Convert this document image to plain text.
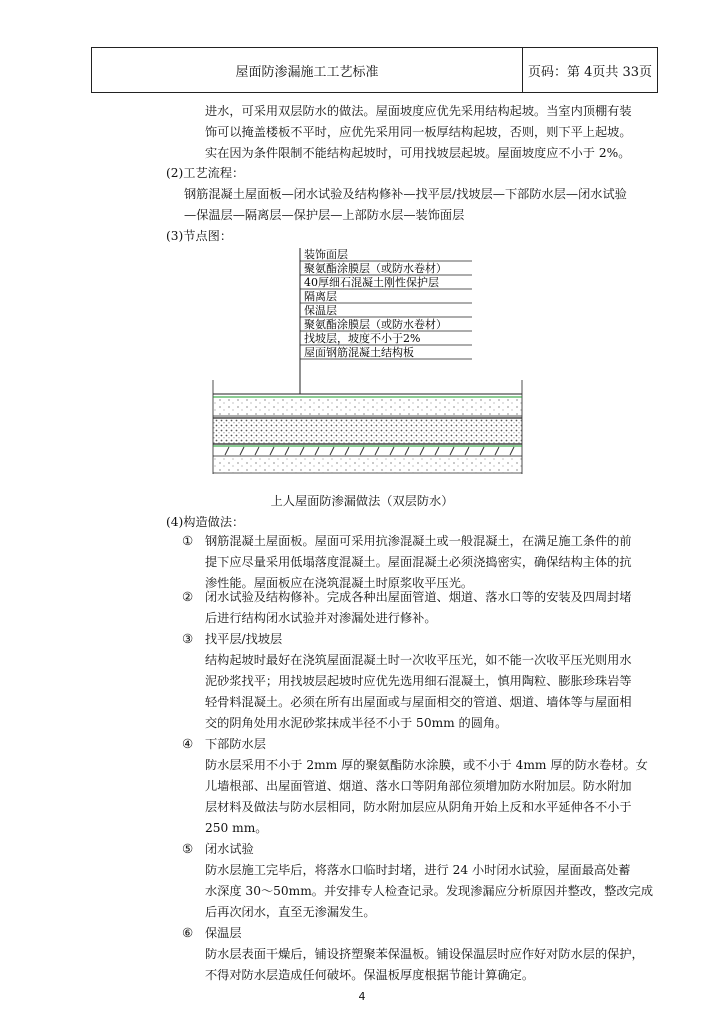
屋面防渗漏施工工艺标准	页码：第 4页共 33页
进水，可采用双层防水的做法。屋面坡度应优先采用结构起坡。当室内顶棚有装
饰可以掩盖楼板不平时，应优先采用同一板厚结构起坡，否则，则下平上起坡。
实在因为条件限制不能结构起坡时，可用找坡层起坡。屋面坡度应不小于 2%。
(2)工艺流程：
钢筋混凝土屋面板—闭水试验及结构修补—找平层/找坡层—下部防水层—闭水试验
—保温层—隔离层—保护层—上部防水层—装饰面层
(3)节点图：
装饰面层
聚氨酯涂膜层（或防水卷材）
40厚细石混凝土刚性保护层
隔离层
保温层
聚氨酯涂膜层（或防水卷材）
找坡层，坡度不小于2%
屋面钢筋混凝土结构板
上人屋面防渗漏做法（双层防水）
(4)构造做法：
① 钢筋混凝土屋面板。屋面可采用抗渗混凝土或一般混凝土，在满足施工条件的前
提下应尽量采用低塌落度混凝土。屋面混凝土必须浇捣密实，确保结构主体的抗
渗性能。屋面板应在浇筑混凝土时原浆收平压光。
② 闭水试验及结构修补。完成各种出屋面管道、烟道、落水口等的安装及四周封堵
后进行结构闭水试验并对渗漏处进行修补。
③ 找平层/找坡层
结构起坡时最好在浇筑屋面混凝土时一次收平压光，如不能一次收平压光则用水
泥砂浆找平；用找坡层起坡时应优先选用细石混凝土，慎用陶粒、膨胀珍珠岩等
轻骨料混凝土。必须在所有出屋面或与屋面相交的管道、烟道、墙体等与屋面相
交的阴角处用水泥砂浆抹成半径不小于 50mm 的圆角。
④ 下部防水层
防水层采用不小于 2mm 厚的聚氨酯防水涂膜，或不小于 4mm 厚的防水卷材。女
儿墙根部、出屋面管道、烟道、落水口等阴角部位须增加防水附加层。防水附加
层材料及做法与防水层相同，防水附加层应从阴角开始上反和水平延伸各不小于
250 mm。
⑤ 闭水试验
防水层施工完毕后，将落水口临时封堵，进行 24 小时闭水试验，屋面最高处蓄
水深度 30～50mm。并安排专人检查记录。发现渗漏应分析原因并整改，整改完成
后再次闭水，直至无渗漏发生。
⑥ 保温层
防水层表面干燥后，铺设挤塑聚苯保温板。铺设保温层时应作好对防水层的保护，
不得对防水层造成任何破坏。保温板厚度根据节能计算确定。
4
